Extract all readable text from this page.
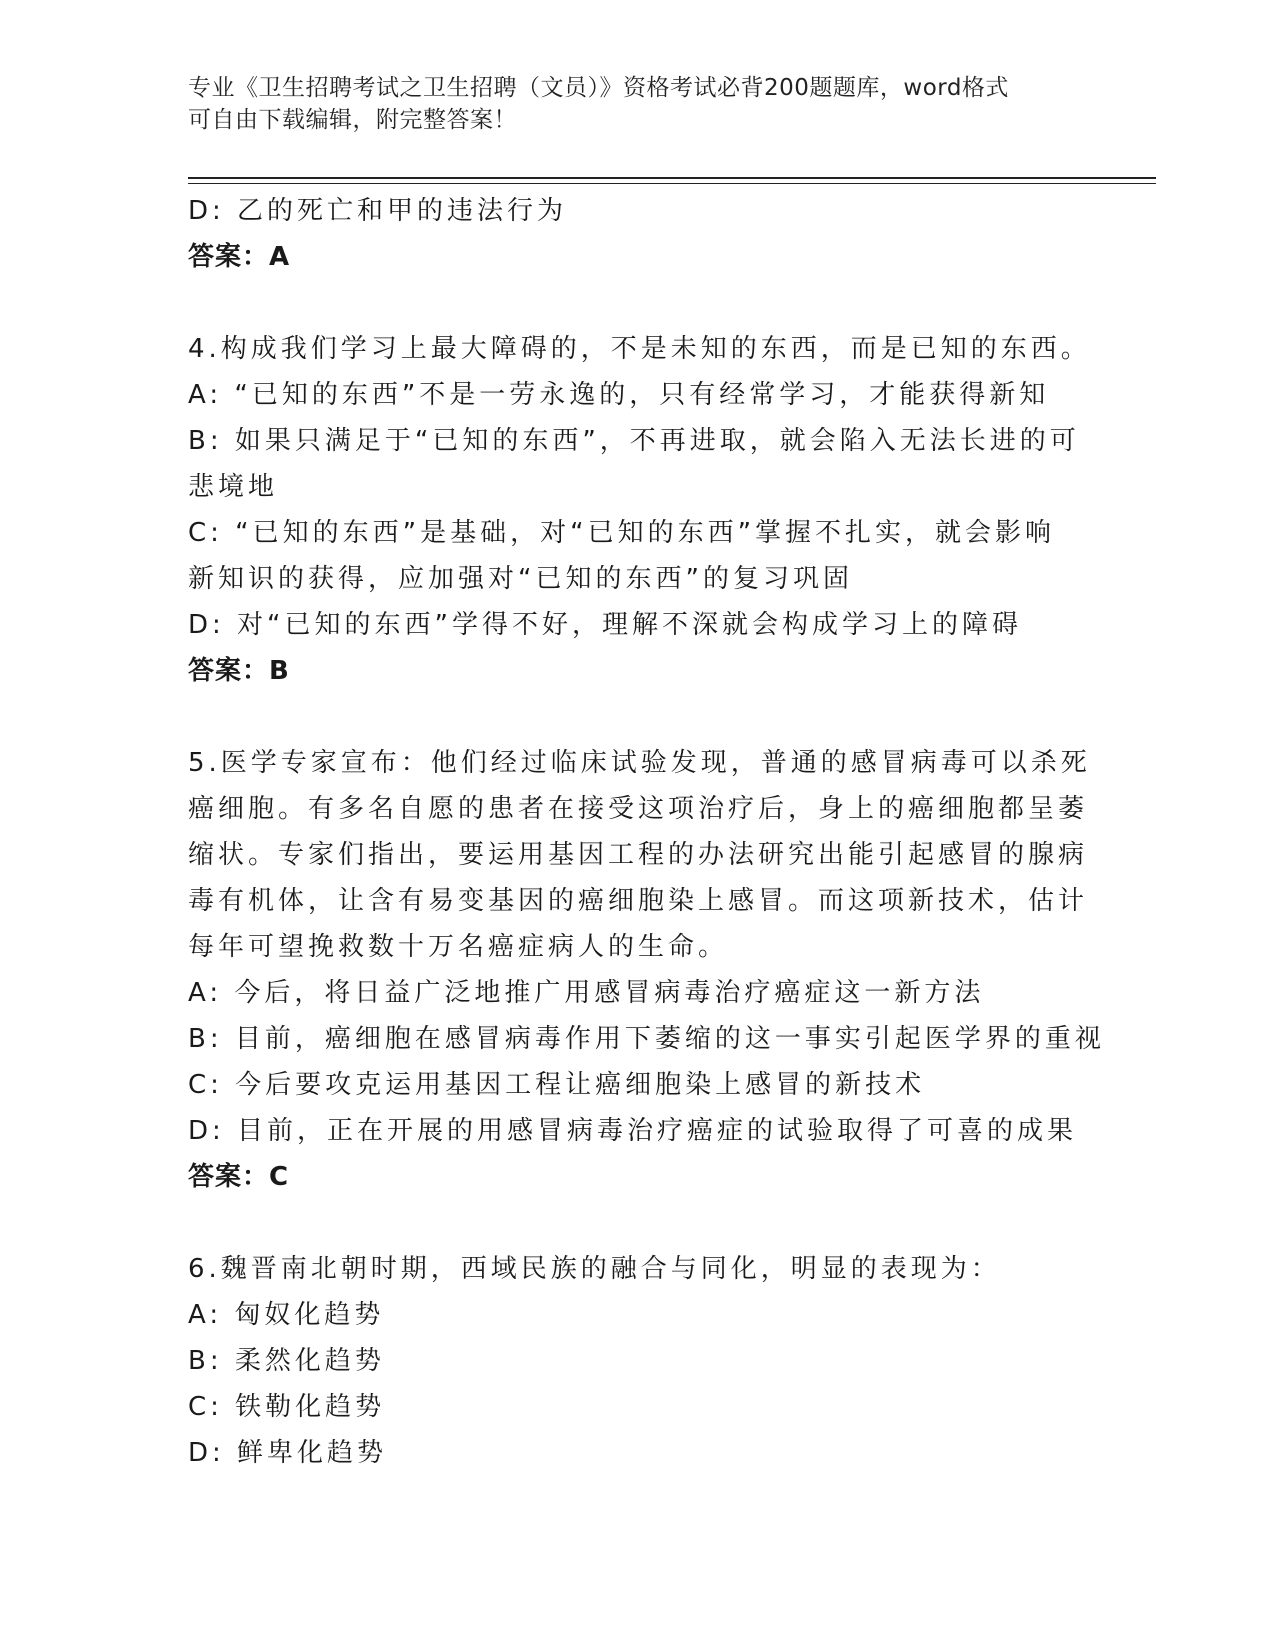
专业《卫生招聘考试之卫生招聘（文员）》资格考试必背200题题库，word格式
可自由下载编辑，附完整答案！
D: 乙的死亡和甲的违法行为
答案：A
4.构成我们学习上最大障碍的，不是未知的东西，而是已知的东西。
A: “已知的东西”不是一劳永逸的，只有经常学习，才能获得新知
B: 如果只满足于“已知的东西”，不再进取，就会陷入无法长进的可
悲境地
C: “已知的东西”是基础，对“已知的东西”掌握不扎实，就会影响
新知识的获得，应加强对“已知的东西”的复习巩固
D: 对“已知的东西”学得不好，理解不深就会构成学习上的障碍
答案：B
5.医学专家宣布：他们经过临床试验发现，普通的感冒病毒可以杀死
癌细胞。有多名自愿的患者在接受这项治疗后，身上的癌细胞都呈萎
缩状。专家们指出，要运用基因工程的办法研究出能引起感冒的腺病
毒有机体，让含有易变基因的癌细胞染上感冒。而这项新技术，估计
每年可望挽救数十万名癌症病人的生命。
A: 今后，将日益广泛地推广用感冒病毒治疗癌症这一新方法
B: 目前，癌细胞在感冒病毒作用下萎缩的这一事实引起医学界的重视
C: 今后要攻克运用基因工程让癌细胞染上感冒的新技术
D: 目前，正在开展的用感冒病毒治疗癌症的试验取得了可喜的成果
答案：C
6.魏晋南北朝时期，西域民族的融合与同化，明显的表现为：
A: 匈奴化趋势
B: 柔然化趋势
C: 铁勒化趋势
D: 鲜卑化趋势
